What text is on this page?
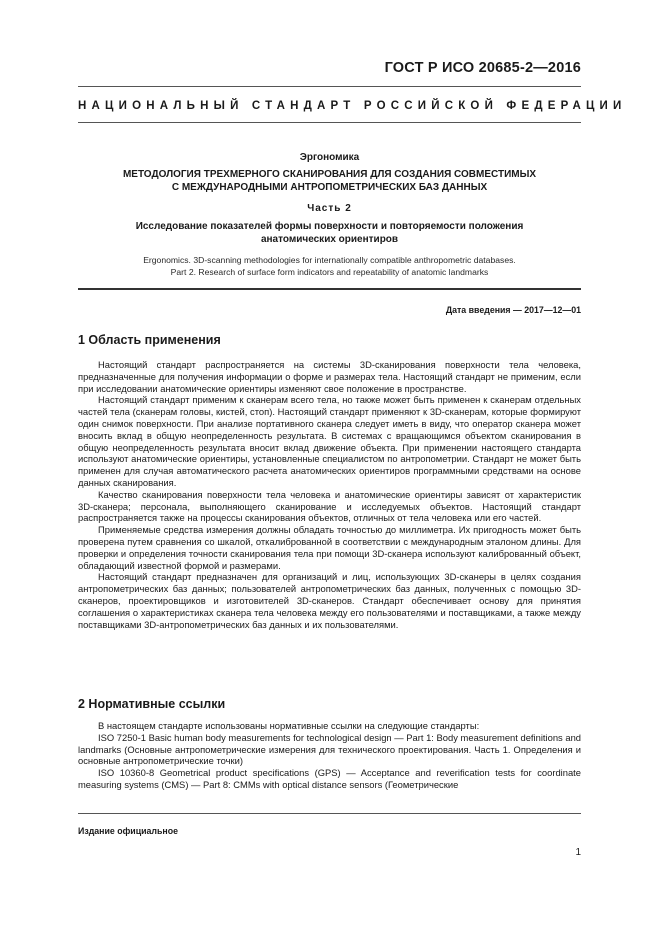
ГОСТ Р ИСО 20685-2—2016
НАЦИОНАЛЬНЫЙ СТАНДАРТ РОССИЙСКОЙ ФЕДЕРАЦИИ
Эргономика
МЕТОДОЛОГИЯ ТРЕХМЕРНОГО СКАНИРОВАНИЯ ДЛЯ СОЗДАНИЯ СОВМЕСТИМЫХ
С МЕЖДУНАРОДНЫМИ АНТРОПОМЕТРИЧЕСКИХ БАЗ ДАННЫХ
Часть 2
Исследование показателей формы поверхности и повторяемости положения
анатомических ориентиров
Ergonomics. 3D-scanning methodologies for internationally compatible anthropometric databases.
Part 2. Research of surface form indicators and repeatability of anatomic landmarks
Дата введения — 2017—12—01
1 Область применения

Настоящий стандарт распространяется на системы 3D-сканирования поверхности тела человека, предназначенные для получения информации о форме и размерах тела. Настоящий стандарт не применим, если при исследовании анатомические ориентиры изменяют свое положение в пространстве.

Настоящий стандарт применим к сканерам всего тела, но также может быть применен к сканерам отдельных частей тела (сканерам головы, кистей, стоп). Настоящий стандарт применяют к 3D-сканерам, которые формируют один снимок поверхности. При анализе портативного сканера следует иметь в виду, что оператор сканера может вносить вклад в общую неопределенность результата. В системах с вращающимся объектом сканирования в общую неопределенность результата вносит вклад движение объекта. При применении настоящего стандарта используют анатомические ориентиры, установленные специалистом по антропометрии. Стандарт не может быть применен для случая автоматического расчета анатомических ориентиров программными средствами на основе данных сканирования.

Качество сканирования поверхности тела человека и анатомические ориентиры зависят от характеристик 3D-сканера; персонала, выполняющего сканирование и исследуемых объектов. Настоящий стандарт распространяется также на процессы сканирования объектов, отличных от тела человека или его частей.

Применяемые средства измерения должны обладать точностью до миллиметра. Их пригодность может быть проверена путем сравнения со шкалой, откалиброванной в соответствии с международным эталоном длины. Для проверки и определения точности сканирования тела при помощи 3D-сканера используют калиброванный объект, обладающий известной формой и размерами.

Настоящий стандарт предназначен для организаций и лиц, использующих 3D-сканеры в целях создания антропометрических баз данных; пользователей антропометрических баз данных, полученных с помощью 3D-сканеров, проектировщиков и изготовителей 3D-сканеров. Стандарт обеспечивает основу для принятия соглашения о характеристиках сканера тела человека между его пользователями и поставщиками, а также между поставщиками 3D-антропометрических баз данных и их пользователями.

2 Нормативные ссылки

В настоящем стандарте использованы нормативные ссылки на следующие стандарты:

ISO 7250-1 Basic human body measurements for technological design — Part 1: Body measurement definitions and landmarks (Основные антропометрические измерения для технического проектирования. Часть 1. Определения и основные антропометрические точки)

ISO 10360-8 Geometrical product specifications (GPS) — Acceptance and reverification tests for coordinate measuring systems (CMS) — Part 8: CMMs with optical distance sensors (Геометрические

Издание официальное
1
